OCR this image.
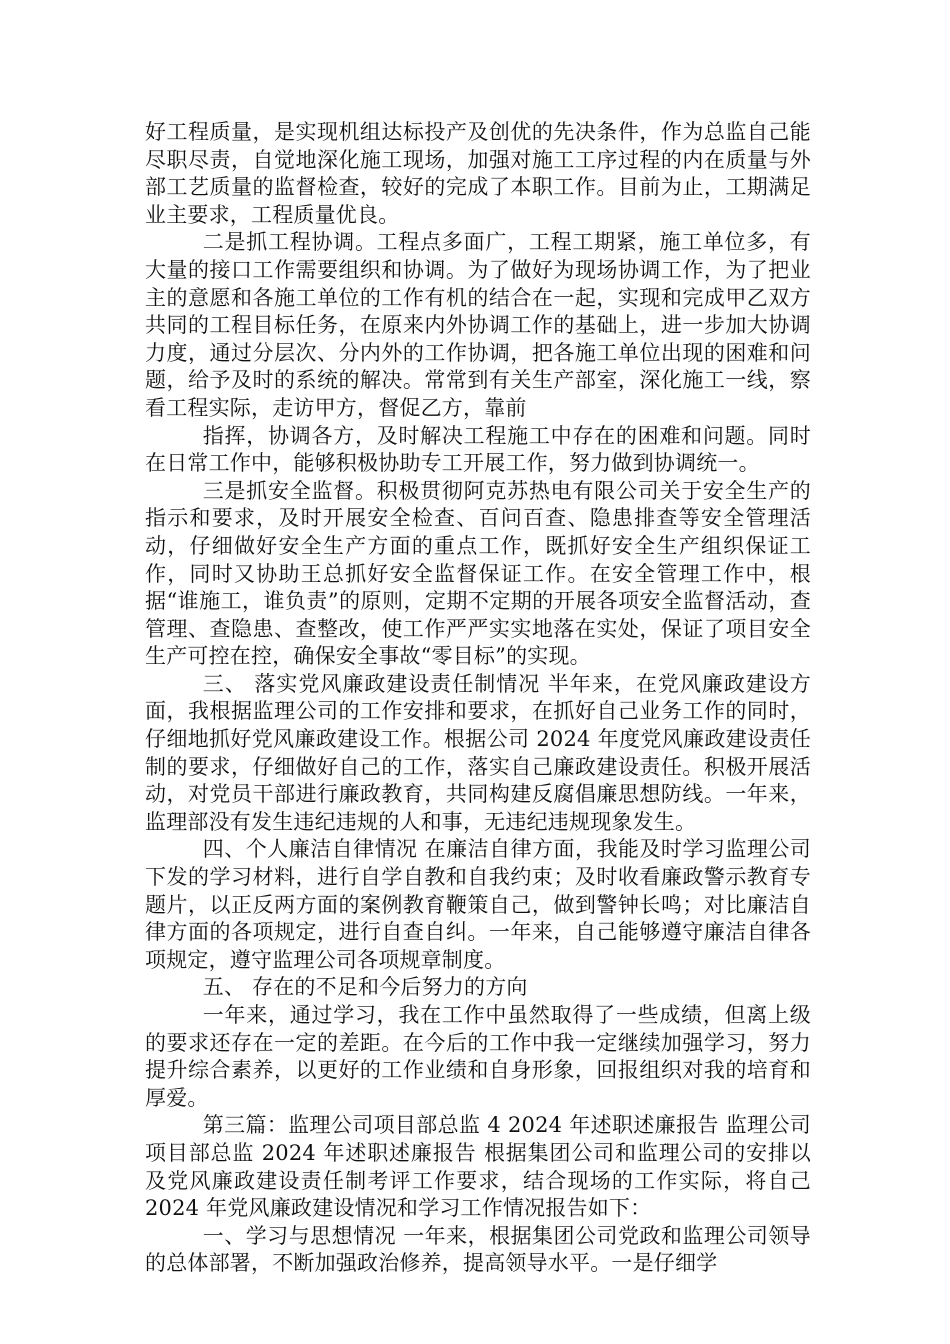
好工程质量，是实现机组达标投产及创优的先决条件，作为总监自己能尽职尽责，自觉地深化施工现场，加强对施工工序过程的内在质量与外部工艺质量的监督检查，较好的完成了本职工作。目前为止，工期满足业主要求，工程质量优良。

二是抓工程协调。工程点多面广，工程工期紧，施工单位多，有大量的接口工作需要组织和协调。为了做好为现场协调工作，为了把业主的意愿和各施工单位的工作有机的结合在一起，实现和完成甲乙双方共同的工程目标任务，在原来内外协调工作的基础上，进一步加大协调力度，通过分层次、分内外的工作协调，把各施工单位出现的困难和问题，给予及时的系统的解决。常常到有关生产部室，深化施工一线，察看工程实际，走访甲方，督促乙方，靠前

指挥，协调各方，及时解决工程施工中存在的困难和问题。同时在日常工作中，能够积极协助专工开展工作，努力做到协调统一。

三是抓安全监督。积极贯彻阿克苏热电有限公司关于安全生产的指示和要求，及时开展安全检查、百问百查、隐患排查等安全管理活动，仔细做好安全生产方面的重点工作，既抓好安全生产组织保证工作，同时又协助王总抓好安全监督保证工作。在安全管理工作中，根据“谁施工，谁负责”的原则，定期不定期的开展各项安全监督活动，查管理、查隐患、查整改，使工作严严实实地落在实处，保证了项目安全生产可控在控，确保安全事故“零目标”的实现。

三、 落实党风廉政建设责任制情况 半年来，在党风廉政建设方面，我根据监理公司的工作安排和要求，在抓好自己业务工作的同时，仔细地抓好党风廉政建设工作。根据公司 2024 年度党风廉政建设责任制的要求，仔细做好自己的工作，落实自己廉政建设责任。积极开展活动，对党员干部进行廉政教育，共同构建反腐倡廉思想防线。一年来，监理部没有发生违纪违规的人和事，无违纪违规现象发生。

四、个人廉洁自律情况 在廉洁自律方面，我能及时学习监理公司下发的学习材料，进行自学自教和自我约束；及时收看廉政警示教育专题片，以正反两方面的案例教育鞭策自己，做到警钟长鸣；对比廉洁自律方面的各项规定，进行自查自纠。一年来，自己能够遵守廉洁自律各项规定，遵守监理公司各项规章制度。

五、 存在的不足和今后努力的方向

一年来，通过学习，我在工作中虽然取得了一些成绩，但离上级的要求还存在一定的差距。在今后的工作中我一定继续加强学习，努力提升综合素养，以更好的工作业绩和自身形象，回报组织对我的培育和厚爱。

第三篇：监理公司项目部总监 4 2024 年述职述廉报告 监理公司项目部总监 2024 年述职述廉报告 根据集团公司和监理公司的安排以及党风廉政建设责任制考评工作要求，结合现场的工作实际，将自己 2024 年党风廉政建设情况和学习工作情况报告如下：

一、学习与思想情况 一年来，根据集团公司党政和监理公司领导的总体部署，不断加强政治修养，提高领导水平。一是仔细学
